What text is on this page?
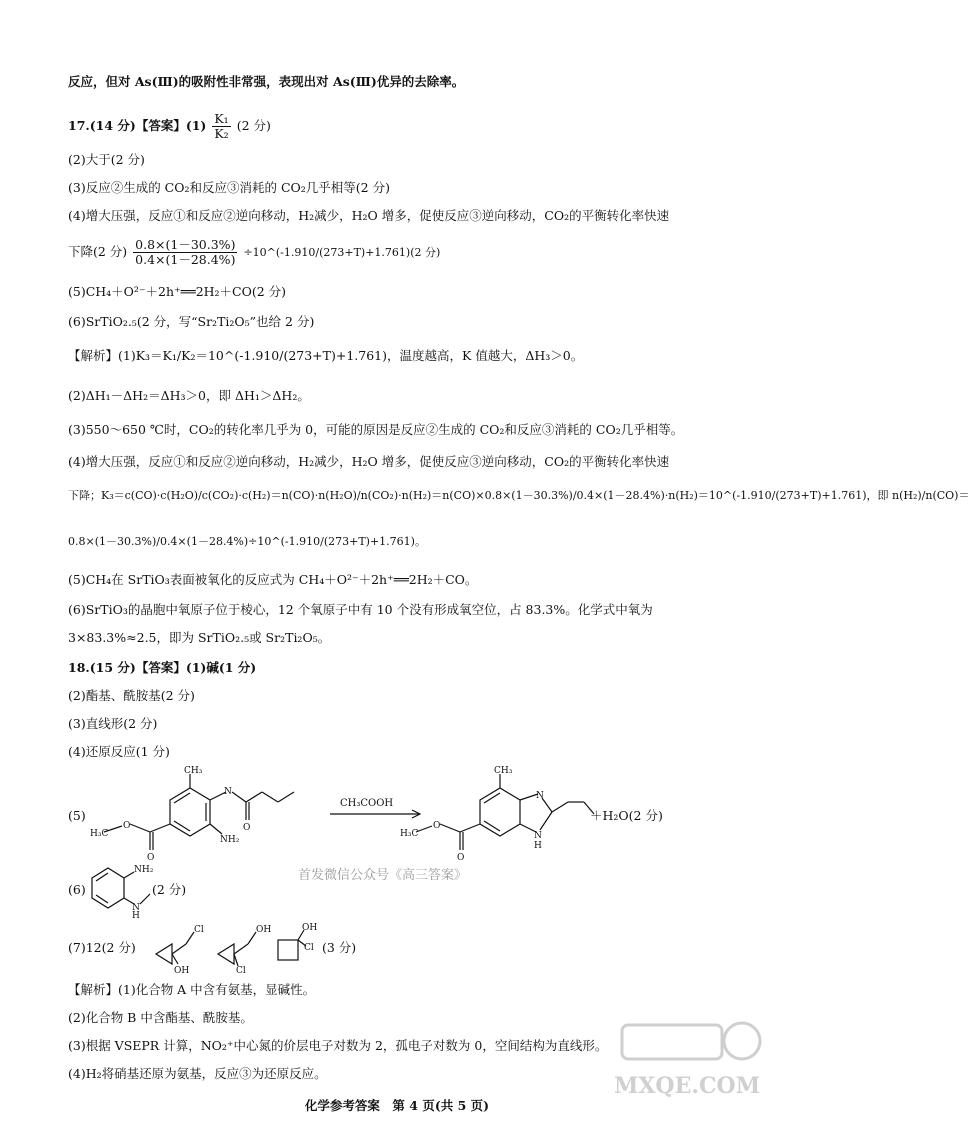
反应，但对 As(Ⅲ)的吸附性非常强，表现出对 As(Ⅲ)优异的去除率。
17.(14 分)【答案】$(1) \frac{\text{K₁}}{\text{K₂}} (2$ 分)
(2)大于(2 分)
(3)反应②生成的 CO₂和反应③消耗的 CO₂几乎相等(2 分)
(4)增大压强，反应①和反应②逆向移动，H₂减少，H₂O 增多，促使反应③逆向移动，CO₂的平衡转化率快速
下降(2 分) $\frac{0.8\times(1-30.3\%)}{0.4\times(1-28.4\%)}$ ÷10^(-1.910/(273+T)+1.761)(2 分)
(5)CH₄＋O²⁻＋2h⁺══2H₂＋CO(2 分)
(6)SrTiO₂.₅(2 分，写“Sr₂Ti₂O₅”也给 2 分)
【解析】(1)K₃＝K₁/K₂＝10^(-1.910/(273+T)+1.761)，温度越高，K 值越大，ΔH₃＞0。
(2)ΔH₁－ΔH₂＝ΔH₃＞0，即 ΔH₁＞ΔH₂。
(3)550～650 ℃时，CO₂的转化率几乎为 0，可能的原因是反应②生成的 CO₂和反应③消耗的 CO₂几乎相等。
(4)增大压强，反应①和反应②逆向移动，H₂减少，H₂O 增多，促使反应③逆向移动，CO₂的平衡转化率快速
下降；K₃＝c(CO)·c(H₂O)/c(CO₂)·c(H₂)＝n(CO)·n(H₂O)/n(CO₂)·n(H₂)＝n(CO)×0.8×(1－30.3%)/0.4×(1－28.4%)·n(H₂)＝10^(-1.910/(273+T)+1.761)，即 n(H₂)/n(CO)＝
0.8×(1－30.3%)/0.4×(1－28.4%)÷10^(-1.910/(273+T)+1.761)。
(5)CH₄在 SrTiO₃表面被氧化的反应式为 CH₄＋O²⁻＋2h⁺══2H₂＋CO。
(6)SrTiO₃的晶胞中氧原子位于棱心，12 个氧原子中有 10 个没有形成氧空位，占 83.3%。化学式中氧为
3×83.3%≈2.5，即为 SrTiO₂.₅或 Sr₂Ti₂O₅。
18.(15 分)【答案】(1)碱(1 分)
(2)酯基、酰胺基(2 分)
(3)直线形(2 分)
(4)还原反应(1 分)
(5)
CH₃
N
O
O
O
H₃C
NH₂
CH₃
N
N
H
O
O
H₃C
CH₃COOH
＋H₂O(2 分)
首发微信公众号《高三答案》
(6)
NH₂
N
H
(2 分)
(7)12(2 分)
Cl
OH
OH
Cl
OH
Cl (3 分)
【解析】(1)化合物 A 中含有氨基，显碱性。
(2)化合物 B 中含酯基、酰胺基。
(3)根据 VSEPR 计算，NO₂⁺中心氮的价层电子对数为 2，孤电子对数为 0，空间结构为直线形。
(4)H₂将硝基还原为氨基，反应③为还原反应。
化学参考答案　第 4 页(共 5 页)
MXQE.COM
